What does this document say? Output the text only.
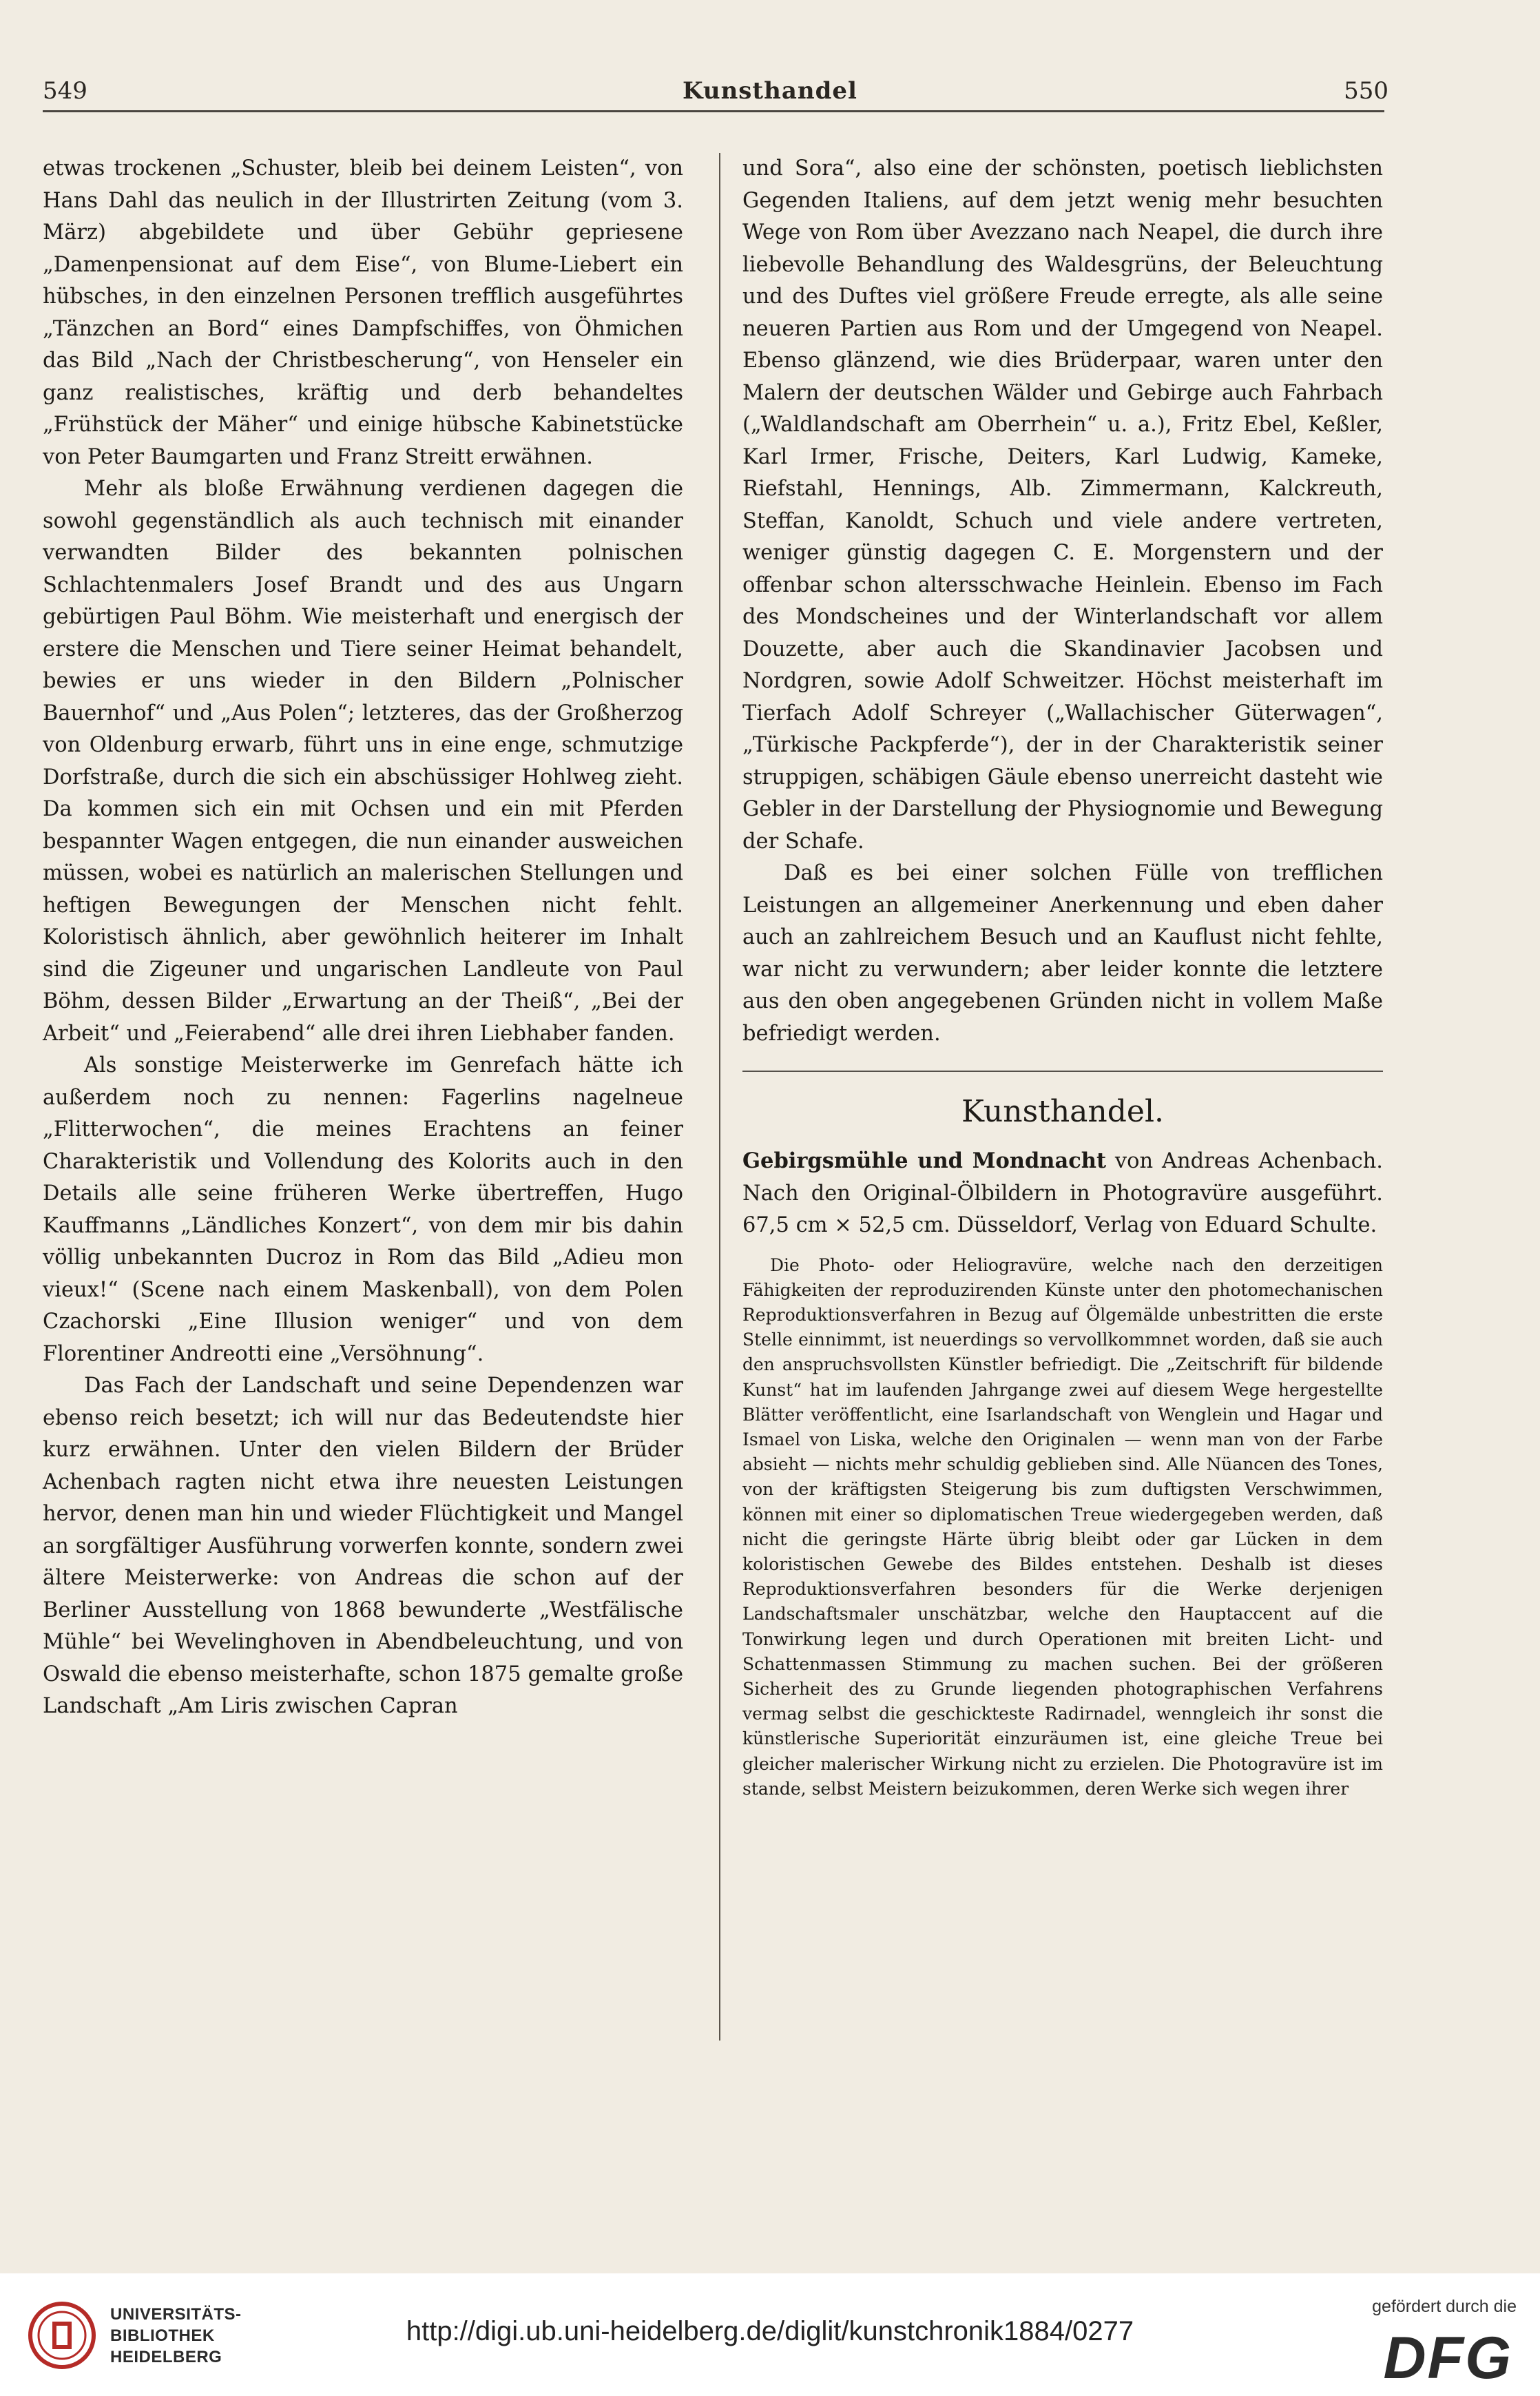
549	Kunsthandel	550

etwas trockenen „Schuster, bleib bei deinem Leisten“, von Hans Dahl das neulich in der Illustrirten Zeitung (vom 3. März) abgebildete und über Gebühr gepriesene „Damenpensionat auf dem Eise“, von Blume-Liebert ein hübsches, in den einzelnen Personen trefflich ausgeführtes „Tänzchen an Bord“ eines Dampfschiffes, von Öhmichen das Bild „Nach der Christbescherung“, von Henseler ein ganz realistisches, kräftig und derb behandeltes „Frühstück der Mäher“ und einige hübsche Kabinetstücke von Peter Baumgarten und Franz Streitt erwähnen.

Mehr als bloße Erwähnung verdienen dagegen die sowohl gegenständlich als auch technisch mit einander verwandten Bilder des bekannten polnischen Schlachtenmalers Josef Brandt und des aus Ungarn gebürtigen Paul Böhm. Wie meisterhaft und energisch der erstere die Menschen und Tiere seiner Heimat behandelt, bewies er uns wieder in den Bildern „Polnischer Bauernhof“ und „Aus Polen“; letzteres, das der Großherzog von Oldenburg erwarb, führt uns in eine enge, schmutzige Dorfstraße, durch die sich ein abschüssiger Hohlweg zieht. Da kommen sich ein mit Ochsen und ein mit Pferden bespannter Wagen entgegen, die nun einander ausweichen müssen, wobei es natürlich an malerischen Stellungen und heftigen Bewegungen der Menschen nicht fehlt. Koloristisch ähnlich, aber gewöhnlich heiterer im Inhalt sind die Zigeuner und ungarischen Landleute von Paul Böhm, dessen Bilder „Erwartung an der Theiß“, „Bei der Arbeit“ und „Feierabend“ alle drei ihren Liebhaber fanden.

Als sonstige Meisterwerke im Genrefach hätte ich außerdem noch zu nennen: Fagerlins nagelneue „Flitterwochen“, die meines Erachtens an feiner Charakteristik und Vollendung des Kolorits auch in den Details alle seine früheren Werke übertreffen, Hugo Kauffmanns „Ländliches Konzert“, von dem mir bis dahin völlig unbekannten Ducroz in Rom das Bild „Adieu mon vieux!“ (Scene nach einem Maskenball), von dem Polen Czachorski „Eine Illusion weniger“ und von dem Florentiner Andreotti eine „Versöhnung“.

Das Fach der Landschaft und seine Dependenzen war ebenso reich besetzt; ich will nur das Bedeutendste hier kurz erwähnen. Unter den vielen Bildern der Brüder Achenbach ragten nicht etwa ihre neuesten Leistungen hervor, denen man hin und wieder Flüchtigkeit und Mangel an sorgfältiger Ausführung vorwerfen konnte, sondern zwei ältere Meisterwerke: von Andreas die schon auf der Berliner Ausstellung von 1868 bewunderte „Westfälische Mühle“ bei Wevelinghoven in Abendbeleuchtung, und von Oswald die ebenso meisterhafte, schon 1875 gemalte große Landschaft „Am Liris zwischen Capran

und Sora“, also eine der schönsten, poetisch lieblichsten Gegenden Italiens, auf dem jetzt wenig mehr besuchten Wege von Rom über Avezzano nach Neapel, die durch ihre liebevolle Behandlung des Waldesgrüns, der Beleuchtung und des Duftes viel größere Freude erregte, als alle seine neueren Partien aus Rom und der Umgegend von Neapel. Ebenso glänzend, wie dies Brüderpaar, waren unter den Malern der deutschen Wälder und Gebirge auch Fahrbach („Waldlandschaft am Oberrhein“ u. a.), Fritz Ebel, Keßler, Karl Irmer, Frische, Deiters, Karl Ludwig, Kameke, Riefstahl, Hennings, Alb. Zimmermann, Kalckreuth, Steffan, Kanoldt, Schuch und viele andere vertreten, weniger günstig dagegen C. E. Morgenstern und der offenbar schon altersschwache Heinlein. Ebenso im Fach des Mondscheines und der Winterlandschaft vor allem Douzette, aber auch die Skandinavier Jacobsen und Nordgren, sowie Adolf Schweitzer. Höchst meisterhaft im Tierfach Adolf Schreyer („Wallachischer Güterwagen“, „Türkische Packpferde“), der in der Charakteristik seiner struppigen, schäbigen Gäule ebenso unerreicht dasteht wie Gebler in der Darstellung der Physiognomie und Bewegung der Schafe.

Daß es bei einer solchen Fülle von trefflichen Leistungen an allgemeiner Anerkennung und eben daher auch an zahlreichem Besuch und an Kauflust nicht fehlte, war nicht zu verwundern; aber leider konnte die letztere aus den oben angegebenen Gründen nicht in vollem Maße befriedigt werden.

Kunsthandel.

Gebirgsmühle und Mondnacht von Andreas Achenbach. Nach den Original-Ölbildern in Photogravüre ausgeführt. 67,5 cm × 52,5 cm. Düsseldorf, Verlag von Eduard Schulte.

Die Photo- oder Heliogravüre, welche nach den derzeitigen Fähigkeiten der reproduzirenden Künste unter den photomechanischen Reproduktionsverfahren in Bezug auf Ölgemälde unbestritten die erste Stelle einnimmt, ist neuerdings so vervollkommnet worden, daß sie auch den anspruchsvollsten Künstler befriedigt. Die „Zeitschrift für bildende Kunst“ hat im laufenden Jahrgange zwei auf diesem Wege hergestellte Blätter veröffentlicht, eine Isarlandschaft von Wenglein und Hagar und Ismael von Liska, welche den Originalen — wenn man von der Farbe absieht — nichts mehr schuldig geblieben sind. Alle Nüancen des Tones, von der kräftigsten Steigerung bis zum duftigsten Verschwimmen, können mit einer so diplomatischen Treue wiedergegeben werden, daß nicht die geringste Härte übrig bleibt oder gar Lücken in dem koloristischen Gewebe des Bildes entstehen. Deshalb ist dieses Reproduktionsverfahren besonders für die Werke derjenigen Landschaftsmaler unschätzbar, welche den Hauptaccent auf die Tonwirkung legen und durch Operationen mit breiten Licht- und Schattenmassen Stimmung zu machen suchen. Bei der größeren Sicherheit des zu Grunde liegenden photographischen Verfahrens vermag selbst die geschickteste Radirnadel, wenngleich ihr sonst die künstlerische Superiorität einzuräumen ist, eine gleiche Treue bei gleicher malerischer Wirkung nicht zu erzielen. Die Photogravüre ist im stande, selbst Meistern beizukommen, deren Werke sich wegen ihrer

UNIVERSITÄTS-
BIBLIOTHEK
HEIDELBERG
http://digi.ub.uni-heidelberg.de/diglit/kunstchronik1884/0277
gefördert durch die
DFG
